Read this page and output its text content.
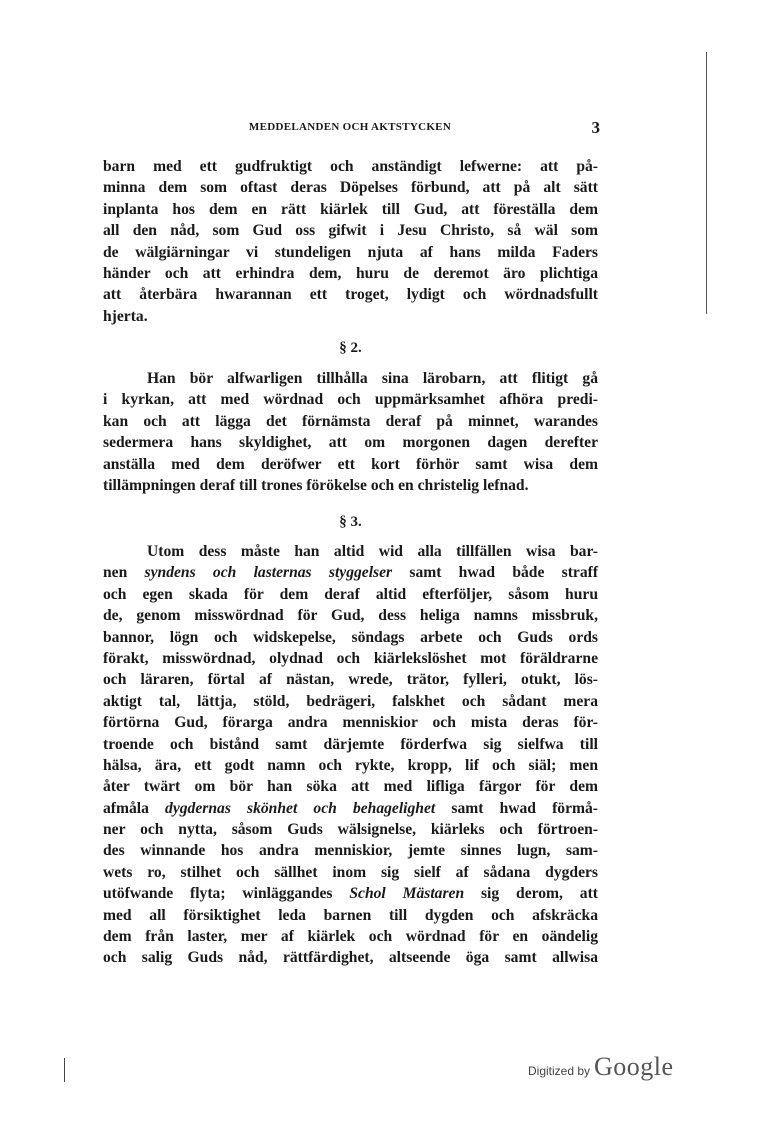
MEDDELANDEN OCH AKTSTYCKEN	3
barn med ett gudfruktigt och anständigt lefwerne: att på-
minna dem som oftast deras Döpelses förbund, att på alt sätt
inplanta hos dem en rätt kiärlek till Gud, att föreställa dem
all den nåd, som Gud oss gifwit i Jesu Christo, så wäl som
de wälgiärningar vi stundeligen njuta af hans milda Faders
händer och att erhindra dem, huru de deremot äro plichtiga
att återbära hwarannan ett troget, lydigt och wördnadsfullt
hjerta.
§ 2.
Han bör alfwarligen tillhålla sina lärobarn, att flitigt gå
i kyrkan, att med wördnad och uppmärksamhet afhöra predi-
kan och att lägga det förnämsta deraf på minnet, warandes
sedermera hans skyldighet, att om morgonen dagen derefter
anställa med dem deröfwer ett kort förhör samt wisa dem
tillämpningen deraf till trones förökelse och en christelig lefnad.
§ 3.
Utom dess måste han altid wid alla tillfällen wisa bar-
nen syndens och lasternas styggelser samt hwad både straff
och egen skada för dem deraf altid efterföljer, såsom huru
de, genom misswördnad för Gud, dess heliga namns missbruk,
bannor, lögn och widskepelse, söndags arbete och Guds ords
förakt, misswördnad, olydnad och kiärlekslöshet mot föräldrarne
och läraren, förtal af nästan, wrede, trätor, fylleri, otukt, lös-
aktigt tal, lättja, stöld, bedrägeri, falskhet och sådant mera
förtörna Gud, förarga andra menniskior och mista deras för-
troende och bistånd samt därjemte förderfwa sig sielfwa till
hälsa, ära, ett godt namn och rykte, kropp, lif och siäl; men
åter twärt om bör han söka att med lifliga färgor för dem
afmåla dygdernas skönhet och behagelighet samt hwad förmå-
ner och nytta, såsom Guds wälsignelse, kiärleks och förtroen-
des winnande hos andra menniskior, jemte sinnes lugn, sam-
wets ro, stilhet och sällhet inom sig sielf af sådana dygders
utöfwande flyta; winläggandes Schol Mästaren sig derom, att
med all försiktighet leda barnen till dygden och afskräcka
dem från laster, mer af kiärlek och wördnad för en oändelig
och salig Guds nåd, rättfärdighet, altseende öga samt allwisa
Digitized by Google
